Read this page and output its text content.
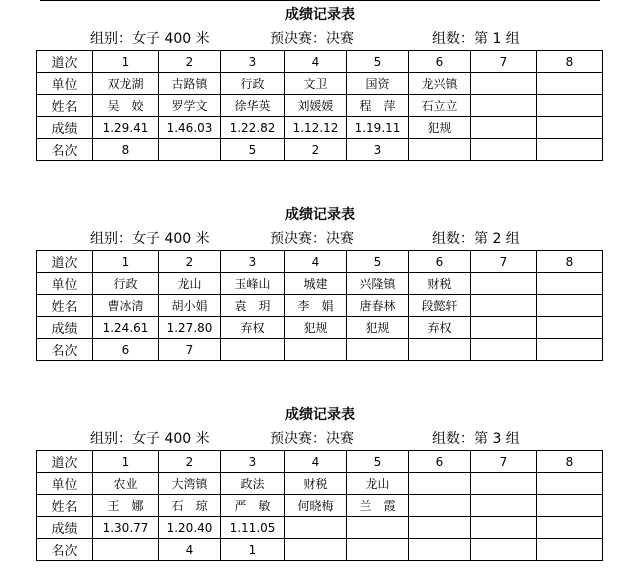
成绩记录表
组别：女子 400 米	预决赛：决赛	组数：第 1 组
道次	1	2	3	4	5	6	7	8
单位	双龙湖	古路镇	行政	文卫	国资	龙兴镇		
姓名	吴　姣	罗学文	徐华英	刘媛媛	程　萍	石立立		
成绩	1.29.41	1.46.03	1.22.82	1.12.12	1.19.11	犯规		
名次	8		5	2	3			
成绩记录表
组别：女子 400 米	预决赛：决赛	组数：第 2 组
道次	1	2	3	4	5	6	7	8
单位	行政	龙山	玉峰山	城建	兴隆镇	财税		
姓名	曹冰清	胡小娟	袁　玥	李　娟	唐春林	段懿轩		
成绩	1.24.61	1.27.80	弃权	犯规	犯规	弃权		
名次	6	7						
成绩记录表
组别：女子 400 米	预决赛：决赛	组数：第 3 组
道次	1	2	3	4	5	6	7	8
单位	农业	大湾镇	政法	财税	龙山			
姓名	王　娜	石　琼	严　敏	何晓梅	兰　霞			
成绩	1.30.77	1.20.40	1.11.05					
名次		4	1					
